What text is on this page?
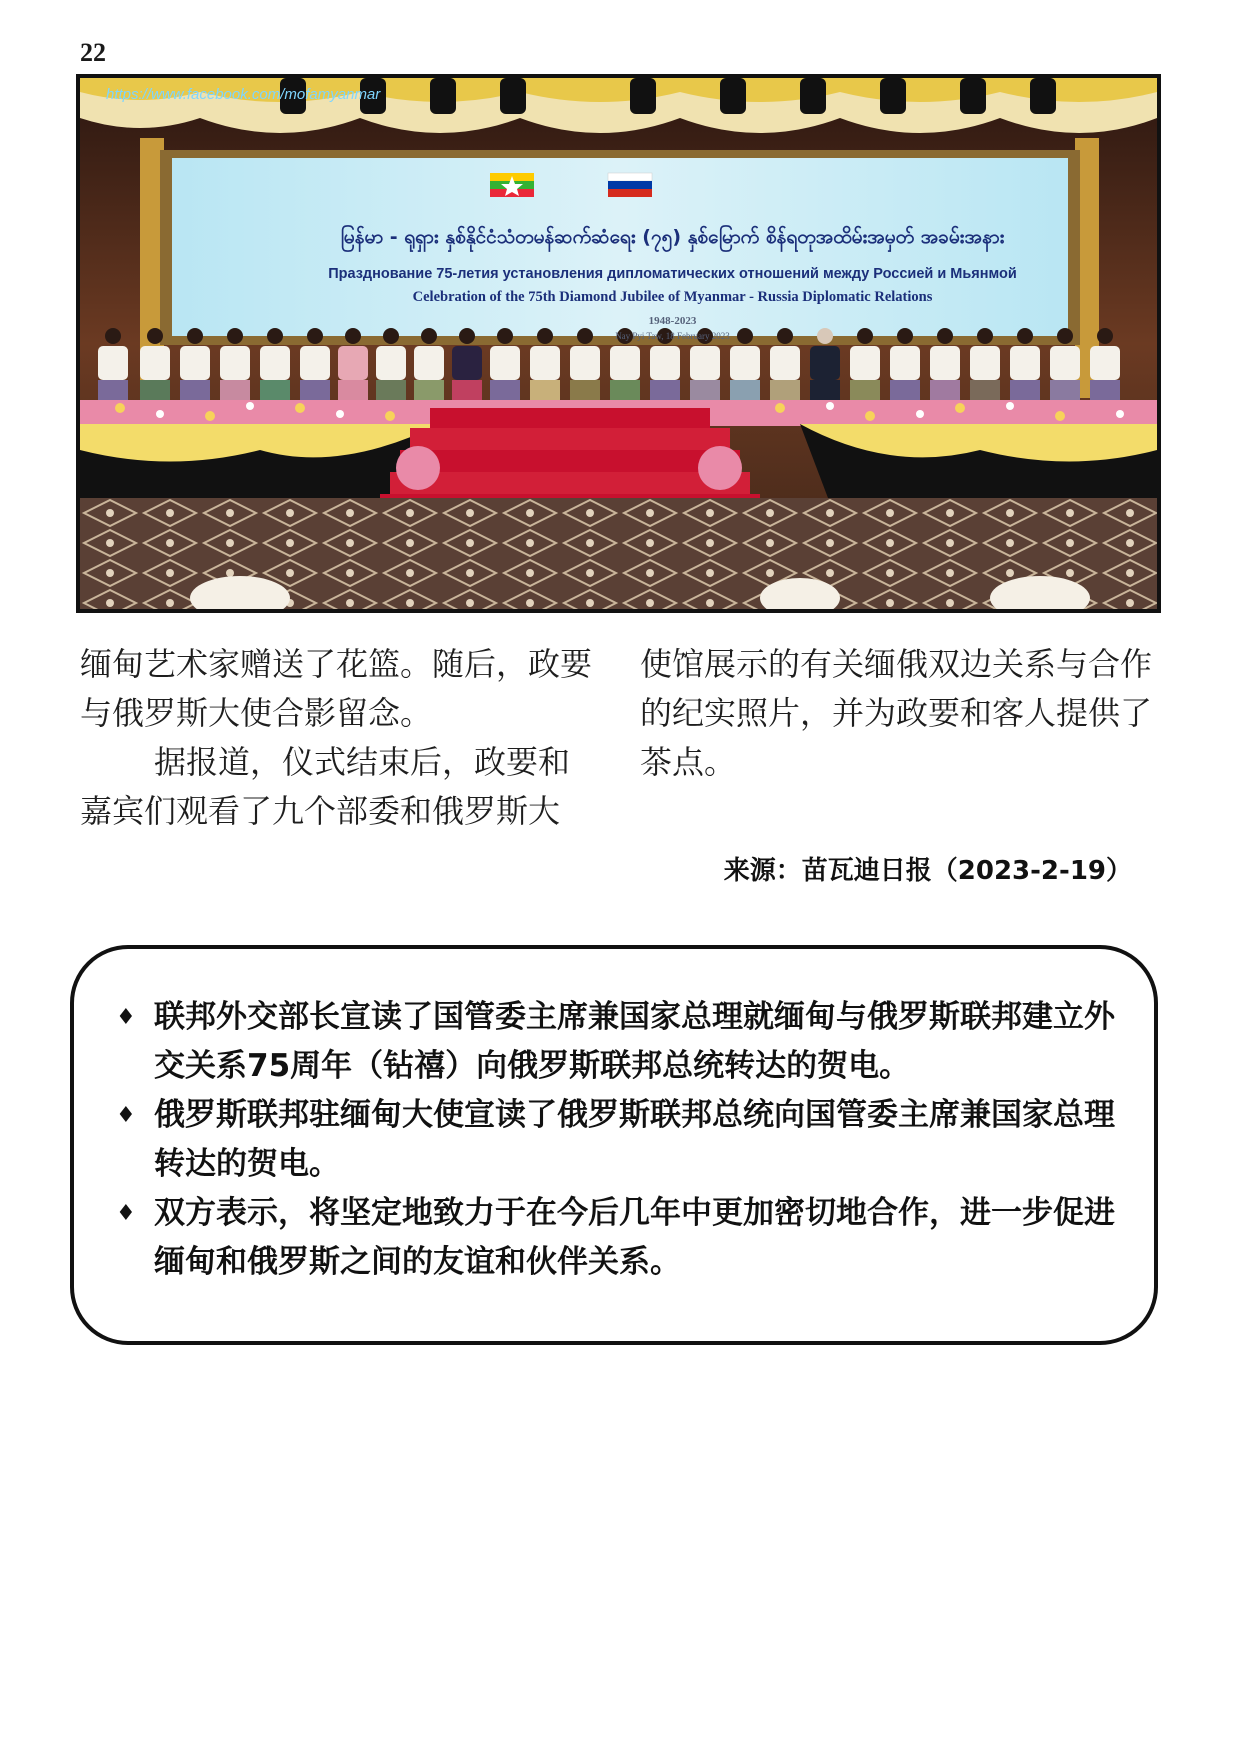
22
https://www.facebook.com/mofamyanmar
မြန်မာ - ရုရှား နှစ်နိုင်ငံသံတမန်ဆက်ဆံရေး (၇၅) နှစ်မြောက် စိန်ရတုအထိမ်းအမှတ် အခမ်းအနား
Празднование 75-летия установления дипломатических отношений между Россией и Мьянмой
Celebration of the 75th Diamond Jubilee of Myanmar - Russia Diplomatic Relations
1948-2023
Nay Pyi Taw, 18 February 2023

缅甸艺术家赠送了花篮。随后，政要与俄罗斯大使合影留念。

据报道，仪式结束后，政要和嘉宾们观看了九个部委和俄罗斯大

使馆展示的有关缅俄双边关系与合作的纪实照片，并为政要和客人提供了茶点。

来源：苗瓦迪日报（2023-2-19）
♦ 联邦外交部长宣读了国管委主席兼国家总理就缅甸与俄罗斯联邦建立外交关系75周年（钻禧）向俄罗斯联邦总统转达的贺电。
♦ 俄罗斯联邦驻缅甸大使宣读了俄罗斯联邦总统向国管委主席兼国家总理转达的贺电。
♦ 双方表示，将坚定地致力于在今后几年中更加密切地合作，进一步促进缅甸和俄罗斯之间的友谊和伙伴关系。
